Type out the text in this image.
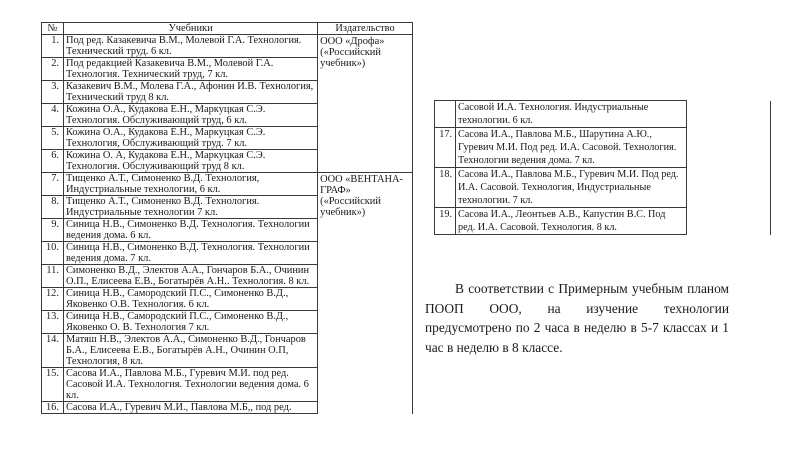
№	Учебники	Издательство
1.	Под ред. Казакевича В.М., Молевой Г.А. Технология. Технический труд. 6 кл.	ООО «Дрофа» («Российский учебник»)
2.	Под редакцией Казакевича В.М., Молевой Г.А. Технология. Технический труд, 7 кл.	
3.	Казакевич В.М., Молева Г.А., Афонин И.В. Технология, Технический труд 8 кл.	
4.	Кожина О.А., Кудакова Е.Н., Маркуцкая С.Э. Технология. Обслуживающий труд, 6 кл.	
5.	Кожина О.А., Кудакова Е.Н., Маркуцкая С.Э. Технология, Обслуживающий труд. 7 кл.	
6.	Кожина О. А, Кудакова Е.Н., Маркуцкая С.Э. Технология. Обслуживающий труд 8 кл.	
7.	Тищенко А.Т., Симоненко В.Д. Технология, Индустриальные технологии, 6 кл.	ООО «ВЕНТАНА-ГРАФ» («Российский учебник»)
8.	Тищенко А.Т., Симоненко В.Д. Технология. Индустриальные технологии 7 кл.	
9.	Синица Н.В., Симоненко В.Д. Технология. Технологии ведения дома. 6 кл.	
10.	Синица Н.В., Симоненко В.Д. Технология. Технологии ведения дома. 7 кл.	
11.	Симоненко В.Д., Электов А.А., Гончаров Б.А., Очинин О.П., Елисеева Е.В., Богатырёв А.Н.. Технология. 8 кл.	
12.	Синица Н.В., Самородский П.С., Симоненко В.Д., Яковенко О.В. Технология. 6 кл.	
13.	Синица Н.В., Самородский П.С., Симоненко В.Д., Яковенко О. В. Технология 7 кл.	
14.	Матяш Н.В., Электов А.А., Симоненко В.Д., Гончаров Б.А., Елисеева Е.В., Богатырёв А.Н., Очинин О.П, Технология, 8 кл.	
15.	Сасова И.А., Павлова М.Б., Гуревич М.И. под ред. Сасовой И.А. Технология. Технологии ведения дома. 6 кл.	
16.	Сасова И.А., Гуревич М.И., Павлова М.Б,, под ред.	
	Сасовой И.А. Технология. Индустриальные технологии. 6 кл.	
17.	Сасова И.А., Павлова М.Б., Шарутина А.Ю., Гуревич М.И. Под ред. И.А. Сасовой. Технология. Технологии ведения дома. 7 кл.	
18.	Сасова И.А., Павлова М.Б., Гуревич М.И. Под ред. И.А. Сасовой. Технология, Индустриальные технологии. 7 кл.	
19.	Сасова И.А., Леонтьев А.В., Капустин В.С. Под ред. И.А. Сасовой. Технология. 8 кл.	

В соответствии с Примерным учебным планом ПООП ООО, на изучение технологии предусмотрено по 2 часа в неделю в 5-7 классах и 1 час в неделю в 8 классе.
